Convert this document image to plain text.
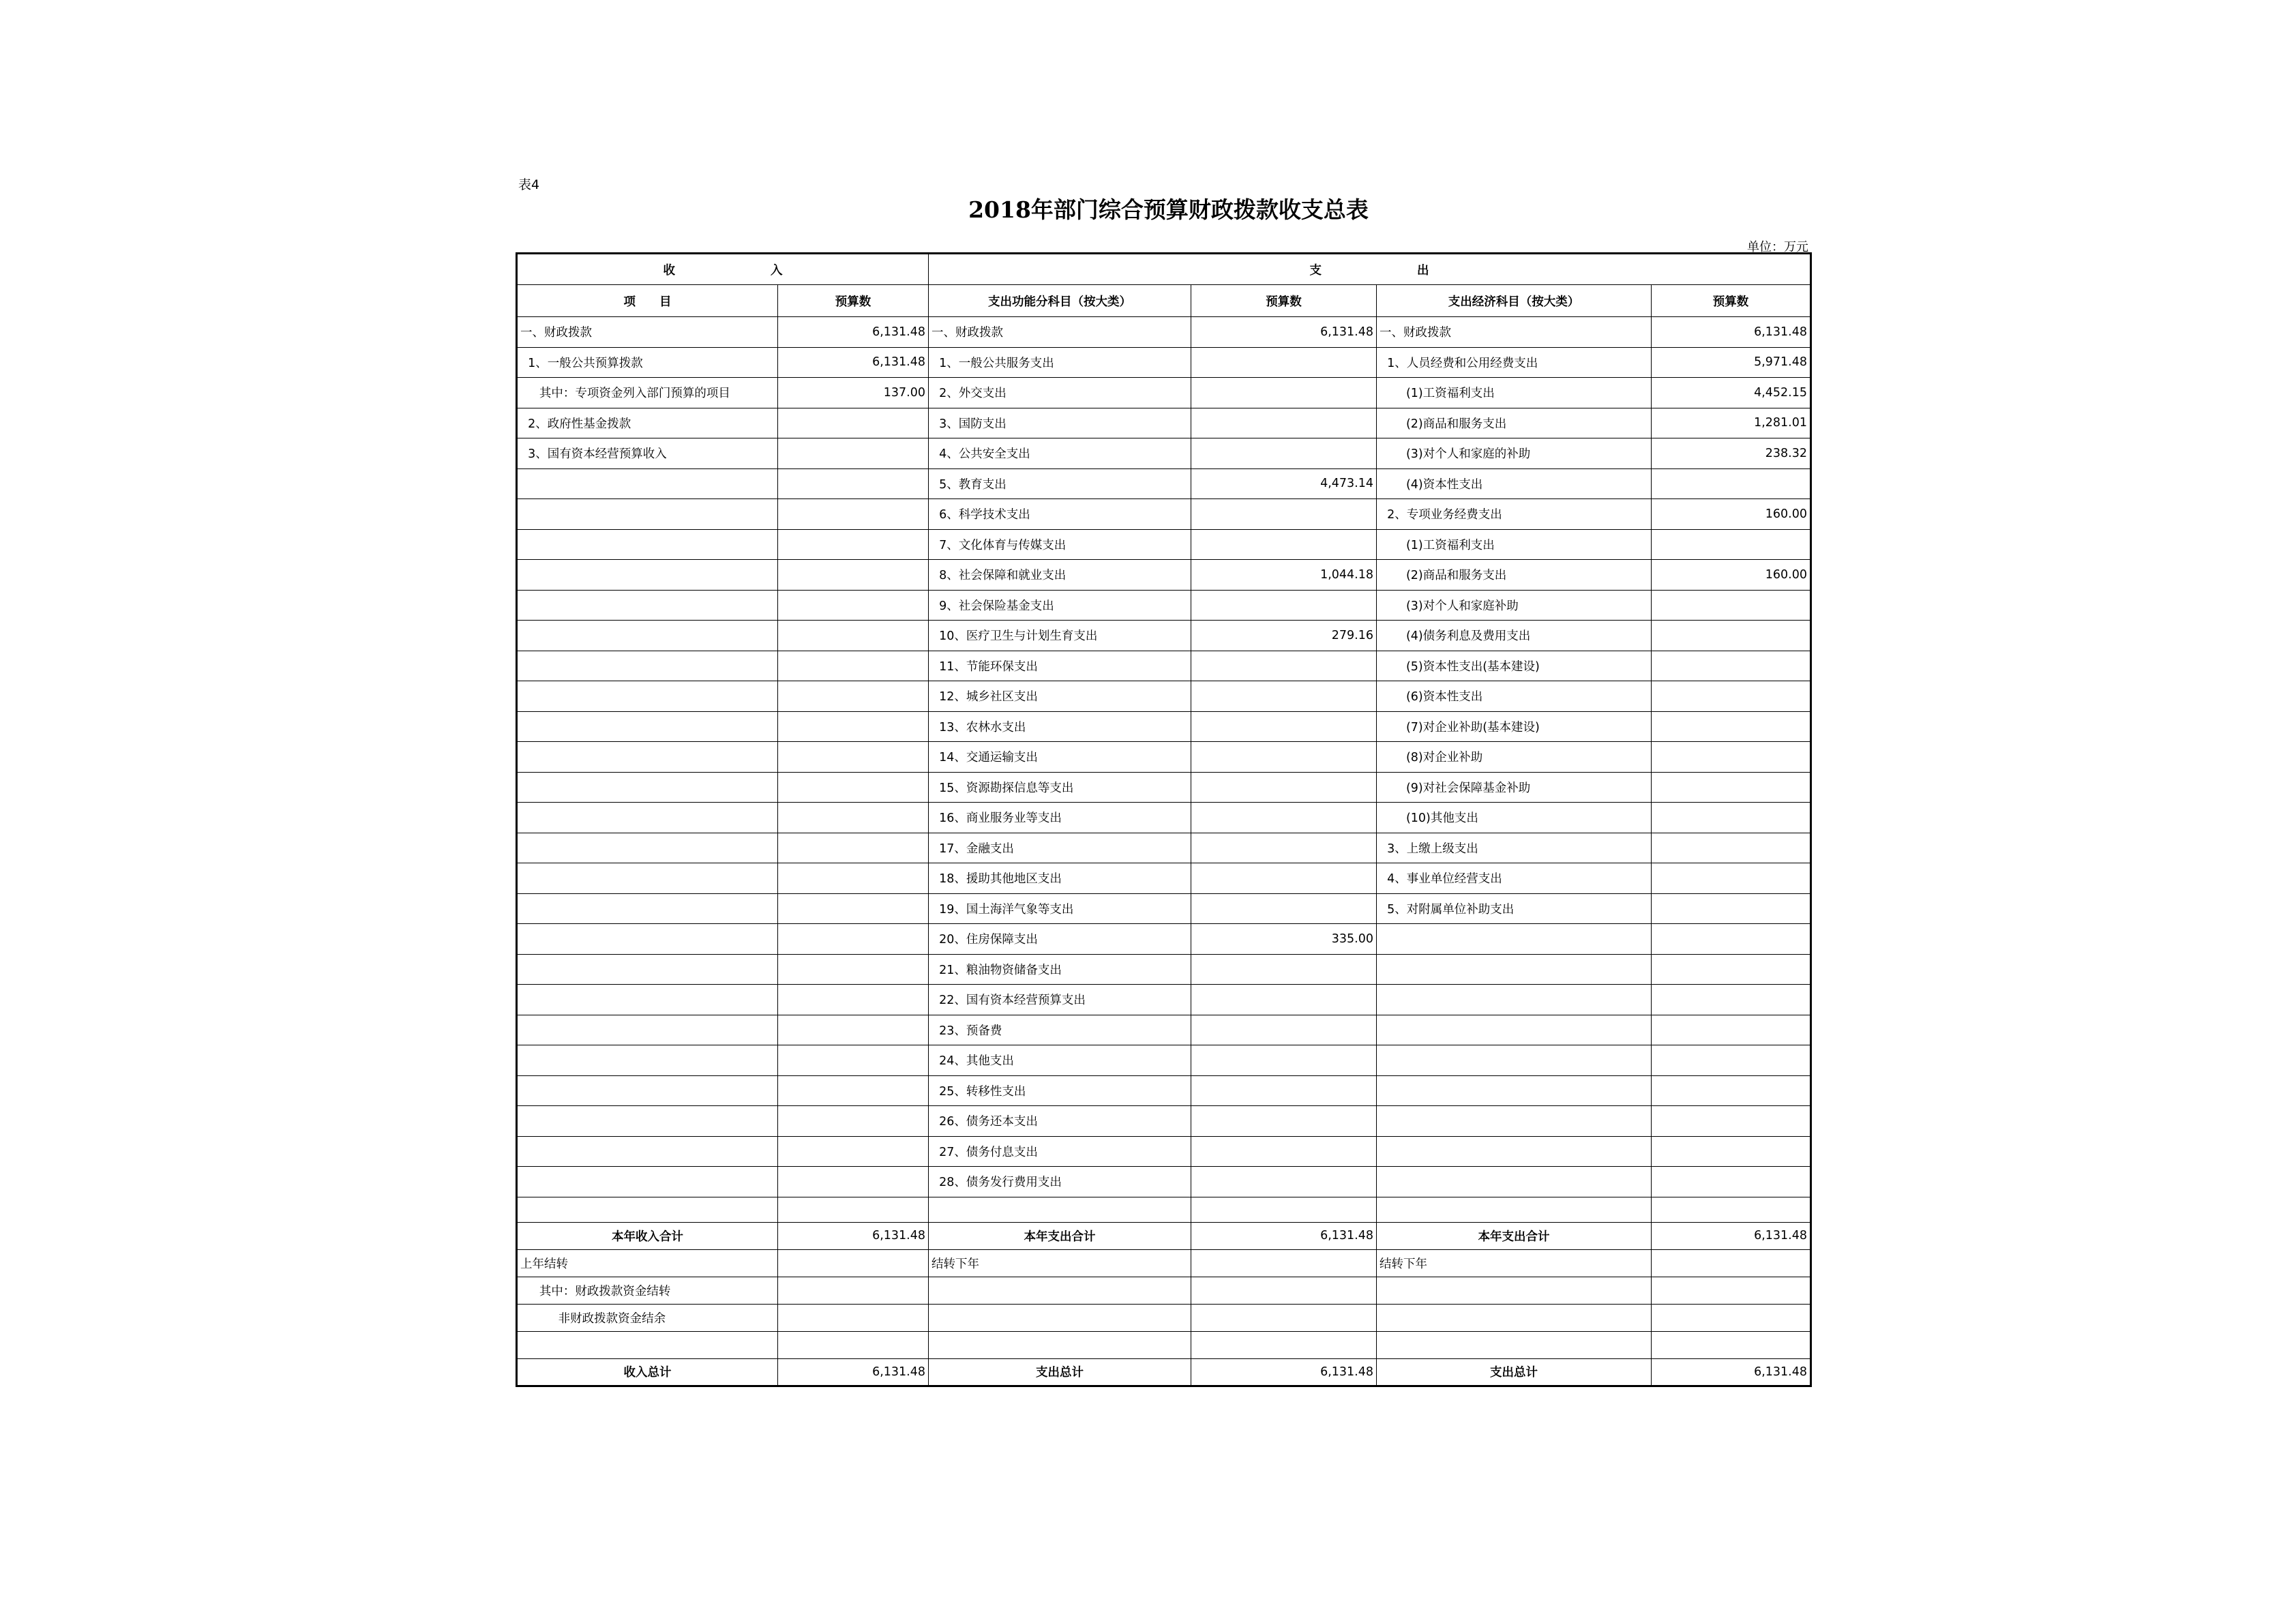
表4
2018年部门综合预算财政拨款收支总表
单位：万元
收　　　　　　　　入		支　　　　　　　　出			
项　　目	预算数	支出功能分科目（按大类）	预算数	支出经济科目（按大类）	预算数
一、财政拨款	6,131.48	一、财政拨款	6,131.48	一、财政拨款	6,131.48
1、一般公共预算拨款	6,131.48	1、一般公共服务支出		1、人员经费和公用经费支出	5,971.48
其中：专项资金列入部门预算的项目	137.00	2、外交支出		(1)工资福利支出	4,452.15
2、政府性基金拨款		3、国防支出		(2)商品和服务支出	1,281.01
3、国有资本经营预算收入		4、公共安全支出		(3)对个人和家庭的补助	238.32
		5、教育支出	4,473.14	(4)资本性支出	
		6、科学技术支出		2、专项业务经费支出	160.00
		7、文化体育与传媒支出		(1)工资福利支出	
		8、社会保障和就业支出	1,044.18	(2)商品和服务支出	160.00
		9、社会保险基金支出		(3)对个人和家庭补助	
		10、医疗卫生与计划生育支出	279.16	(4)债务利息及费用支出	
		11、节能环保支出		(5)资本性支出(基本建设)	
		12、城乡社区支出		(6)资本性支出	
		13、农林水支出		(7)对企业补助(基本建设)	
		14、交通运输支出		(8)对企业补助	
		15、资源勘探信息等支出		(9)对社会保障基金补助	
		16、商业服务业等支出		(10)其他支出	
		17、金融支出		3、上缴上级支出	
		18、援助其他地区支出		4、事业单位经营支出	
		19、国土海洋气象等支出		5、对附属单位补助支出	
		20、住房保障支出	335.00		
		21、粮油物资储备支出			
		22、国有资本经营预算支出			
		23、预备费			
		24、其他支出			
		25、转移性支出			
		26、债务还本支出			
		27、债务付息支出			
		28、债务发行费用支出			

本年收入合计	6,131.48	本年支出合计	6,131.48	本年支出合计	6,131.48
上年结转		结转下年		结转下年	
其中：财政拨款资金结转					
非财政拨款资金结余					

收入总计	6,131.48	支出总计	6,131.48	支出总计	6,131.48
